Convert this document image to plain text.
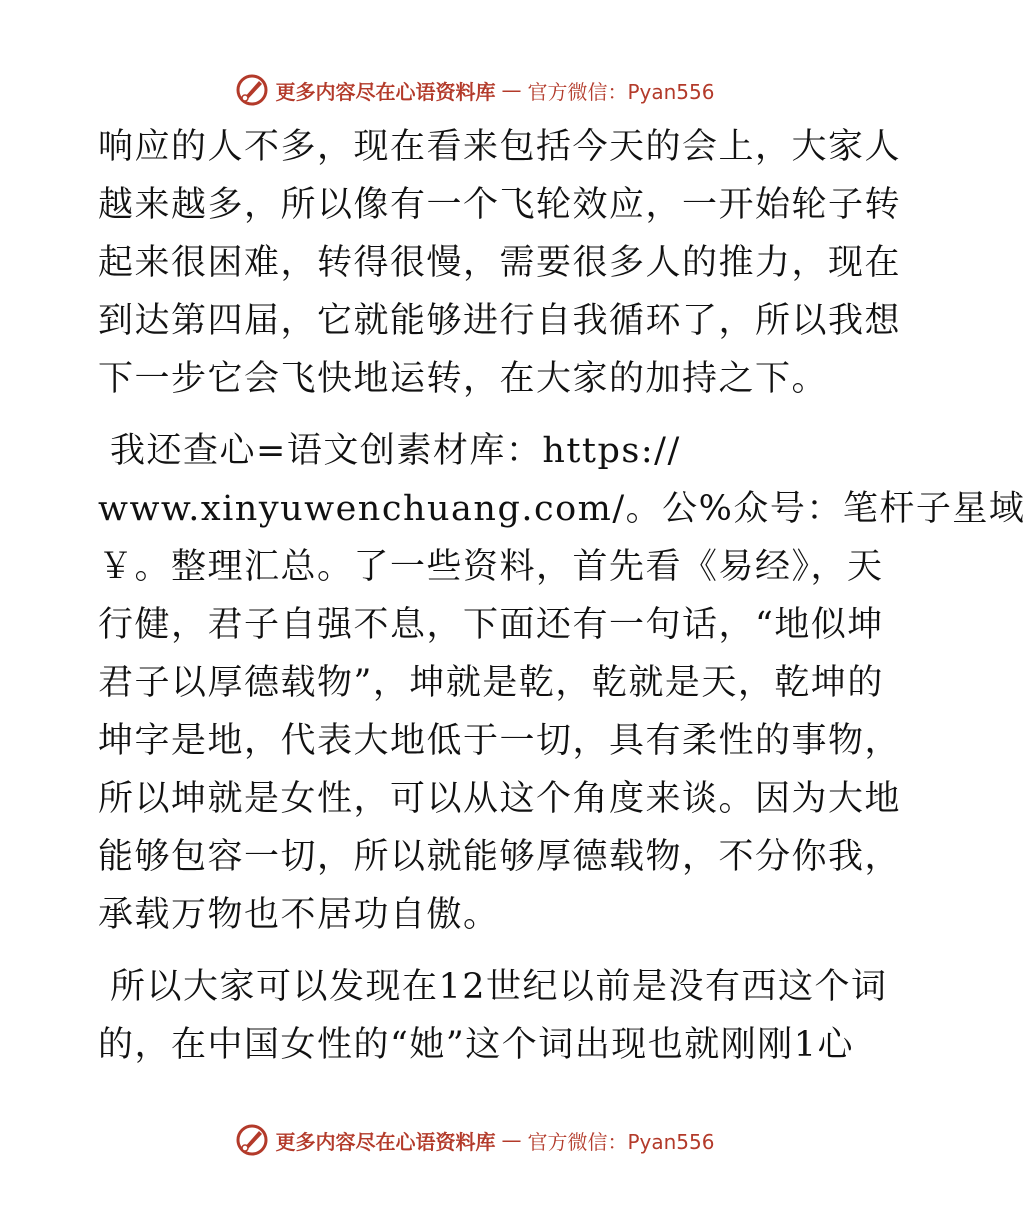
更多内容尽在心语资料库 — 官方微信：Pyan556
响应的人不多，现在看来包括今天的会上，大家人
越来越多，所以像有一个飞轮效应，一开始轮子转
起来很困难，转得很慢，需要很多人的推力，现在
到达第四届，它就能够进行自我循环了，所以我想
下一步它会飞快地运转，在大家的加持之下。
我还查心=语文创素材库：https://
www.xinyuwenchuang.com/。公%众号：笔杆子星域
￥。整理汇总。了一些资料，首先看《易经》，天
行健，君子自强不息，下面还有一句话，“地似坤
君子以厚德载物”，坤就是乾，乾就是天，乾坤的
坤字是地，代表大地低于一切，具有柔性的事物，
所以坤就是女性，可以从这个角度来谈。因为大地
能够包容一切，所以就能够厚德载物，不分你我，
承载万物也不居功自傲。
所以大家可以发现在12世纪以前是没有西这个词
的，在中国女性的“她”这个词出现也就刚刚1心
更多内容尽在心语资料库 — 官方微信：Pyan556
